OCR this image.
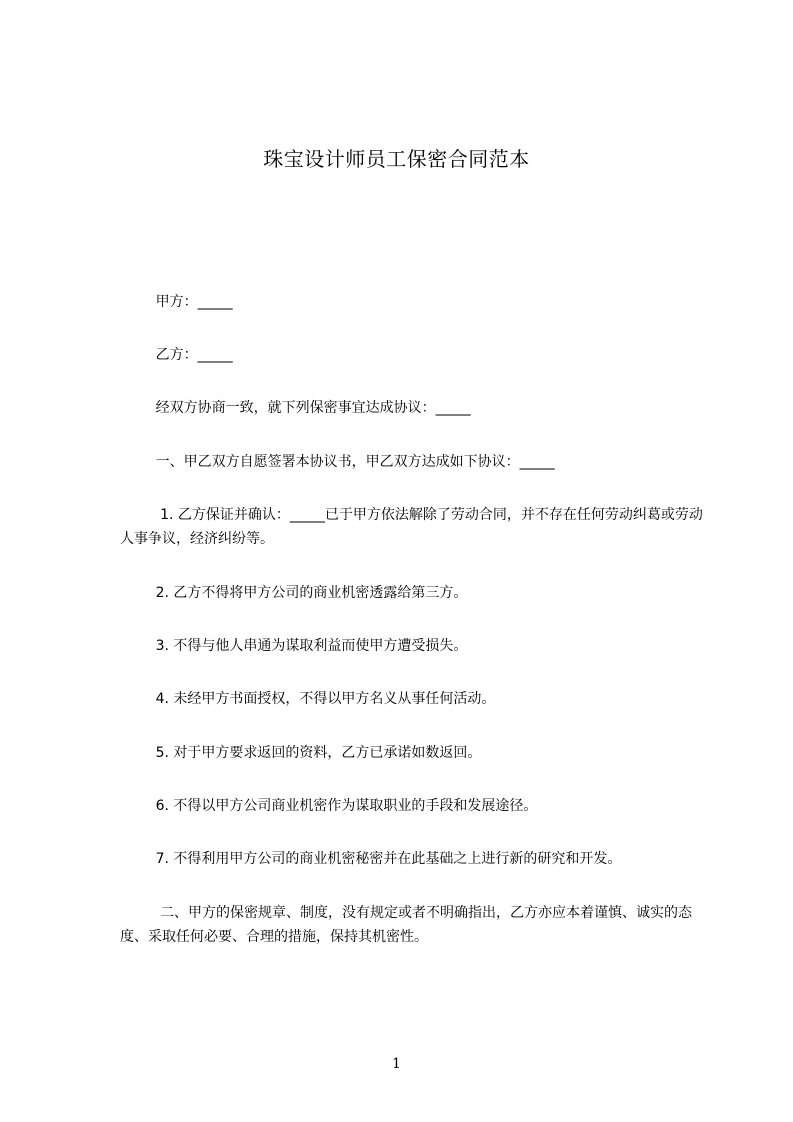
珠宝设计师员工保密合同范本
甲方：_____
乙方：_____
经双方协商一致，就下列保密事宜达成协议：_____
一、甲乙双方自愿签署本协议书，甲乙双方达成如下协议：_____
1. 乙方保证并确认：_____已于甲方依法解除了劳动合同，并不存在任何劳动纠葛或劳动人事争议，经济纠纷等。
2. 乙方不得将甲方公司的商业机密透露给第三方。
3. 不得与他人串通为谋取利益而使甲方遭受损失。
4. 未经甲方书面授权，不得以甲方名义从事任何活动。
5. 对于甲方要求返回的资料，乙方已承诺如数返回。
6. 不得以甲方公司商业机密作为谋取职业的手段和发展途径。
7. 不得利用甲方公司的商业机密秘密并在此基础之上进行新的研究和开发。
二、甲方的保密规章、制度，没有规定或者不明确指出，乙方亦应本着谨慎、诚实的态度、采取任何必要、合理的措施，保持其机密性。
1
